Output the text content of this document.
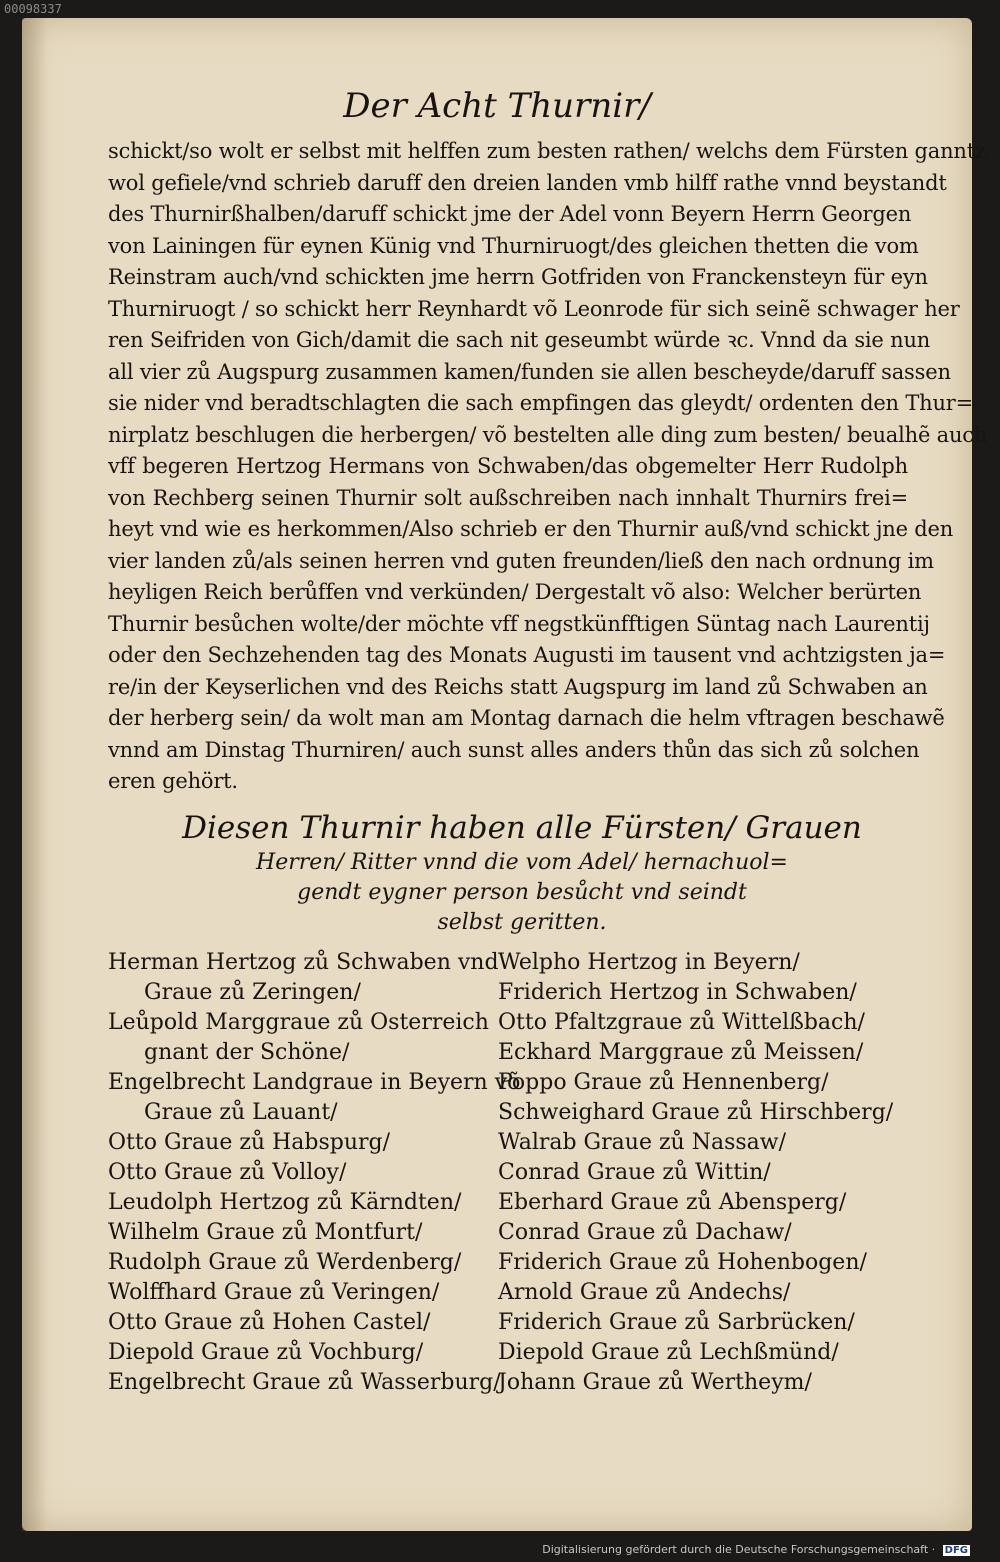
00098337
Der Acht Thurnir/
schickt/so wolt er selbst mit helffen zum besten rathen/ welchs dem Fürsten ganntz
wol gefiele/vnd schrieb daruff den dreien landen vmb hilff rathe vnnd beystandt
des Thurnirßhalben/daruff schickt jme der Adel vonn Beyern Herrn Georgen
von Lainingen für eynen Künig vnd Thurniruogt/des gleichen thetten die vom
Reinstram auch/vnd schickten jme herrn Gotfriden von Franckensteyn für eyn
Thurniruogt / so schickt herr Reynhardt võ Leonrode für sich seinẽ schwager her
ren Seifriden von Gich/damit die sach nit geseumbt würde ꝛc. Vnnd da sie nun
all vier zů Augspurg zusammen kamen/funden sie allen bescheyde/daruff sassen
sie nider vnd beradtschlagten die sach empfingen das gleydt/ ordenten den Thur=
nirplatz beschlugen die herbergen/ võ bestelten alle ding zum besten/ beualhẽ auch
vff begeren Hertzog Hermans von Schwaben/das obgemelter Herr Rudolph
von Rechberg seinen Thurnir solt außschreiben nach innhalt Thurnirs frei=
heyt vnd wie es herkommen/Also schrieb er den Thurnir auß/vnd schickt jne den
vier landen zů/als seinen herren vnd guten freunden/ließ den nach ordnung im
heyligen Reich berůffen vnd verkünden/ Dergestalt võ also: Welcher berürten
Thurnir besůchen wolte/der möchte vff negstkünfftigen Süntag nach Laurentij
oder den Sechzehenden tag des Monats Augusti im tausent vnd achtzigsten ja=
re/in der Keyserlichen vnd des Reichs statt Augspurg im land zů Schwaben an
der herberg sein/ da wolt man am Montag darnach die helm vftragen beschawẽ
vnnd am Dinstag Thurniren/ auch sunst alles anders thůn das sich zů solchen
eren gehört.
Diesen Thurnir haben alle Fürsten/ Grauen
Herren/ Ritter vnnd die vom Adel/ hernachuol=
gendt eygner person besůcht vnd seindt
selbst geritten.
Herman Hertzog zů Schwaben vnd
Graue zů Zeringen/
Leůpold Marggraue zů Osterreich
gnant der Schöne/
Engelbrecht Landgraue in Beyern võ
Graue zů Lauant/
Otto Graue zů Habspurg/
Otto Graue zů Volloy/
Leudolph Hertzog zů Kärndten/
Wilhelm Graue zů Montfurt/
Rudolph Graue zů Werdenberg/
Wolffhard Graue zů Veringen/
Otto Graue zů Hohen Castel/
Diepold Graue zů Vochburg/
Engelbrecht Graue zů Wasserburg/
Welpho Hertzog in Beyern/
Friderich Hertzog in Schwaben/
Otto Pfaltzgraue zů Wittelßbach/
Eckhard Marggraue zů Meissen/
Poppo Graue zů Hennenberg/
Schweighard Graue zů Hirschberg/
Walrab Graue zů Nassaw/
Conrad Graue zů Wittin/
Eberhard Graue zů Abensperg/
Conrad Graue zů Dachaw/
Friderich Graue zů Hohenbogen/
Arnold Graue zů Andechs/
Friderich Graue zů Sarbrücken/
Diepold Graue zů Lechßmünd/
Johann Graue zů Wertheym/
Digitalisierung gefördert durch die Deutsche Forschungsgemeinschaft · DFG
